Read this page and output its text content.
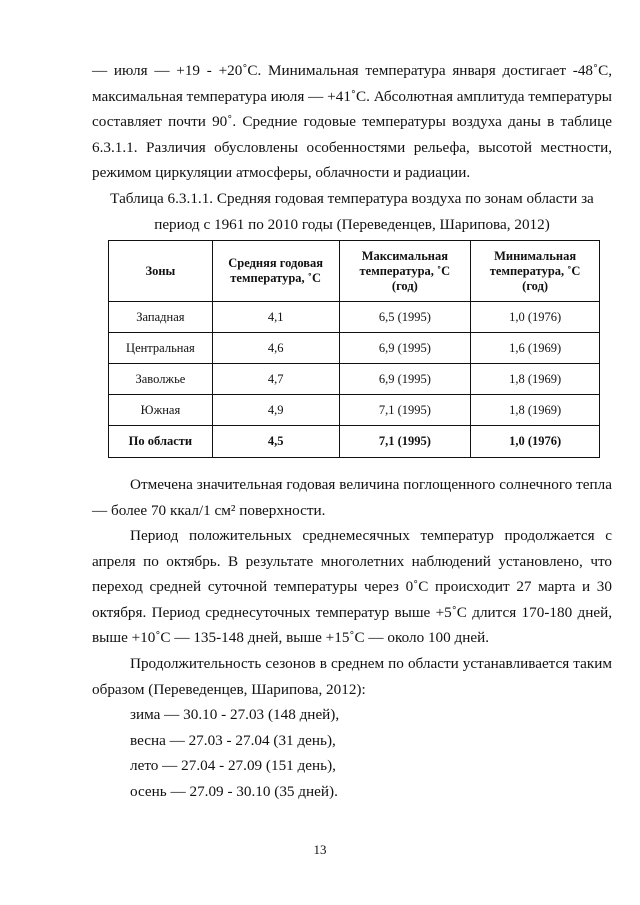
— июля — +19 - +20˚С. Минимальная температура января достигает -48˚С, максимальная температура июля — +41˚С. Абсолютная амплитуда температуры составляет почти 90˚. Средние годовые температуры воздуха даны в таблице 6.3.1.1. Различия обусловлены особенностями рельефа, высотой местности, режимом циркуляции атмосферы, облачности и радиации.

Таблица 6.3.1.1. Средняя годовая температура воздуха по зонам области за
период с 1961 по 2010 годы (Переведенцев, Шарипова, 2012)

Зоны	Средняя годовая температура, ˚С	Максимальная температура, ˚С (год)	Минимальная температура, ˚С (год)
Западная	4,1	6,5 (1995)	1,0 (1976)
Центральная	4,6	6,9 (1995)	1,6 (1969)
Заволжье	4,7	6,9 (1995)	1,8 (1969)
Южная	4,9	7,1 (1995)	1,8 (1969)
По области	4,5	7,1 (1995)	1,0 (1976)

Отмечена значительная годовая величина поглощенного солнечного тепла — более 70 ккал/1 см² поверхности.

Период положительных среднемесячных температур продолжается с апреля по октябрь. В результате многолетних наблюдений установлено, что переход средней суточной температуры через 0˚С происходит 27 марта и 30 октября. Период среднесуточных температур выше +5˚С длится 170-180 дней, выше +10˚С — 135-148 дней, выше +15˚С — около 100 дней.

Продолжительность сезонов в среднем по области устанавливается таким образом (Переведенцев, Шарипова, 2012):

зима — 30.10 - 27.03 (148 дней),
весна — 27.03 - 27.04 (31 день),
лето — 27.04 - 27.09 (151 день),
осень — 27.09 - 30.10 (35 дней).
13
